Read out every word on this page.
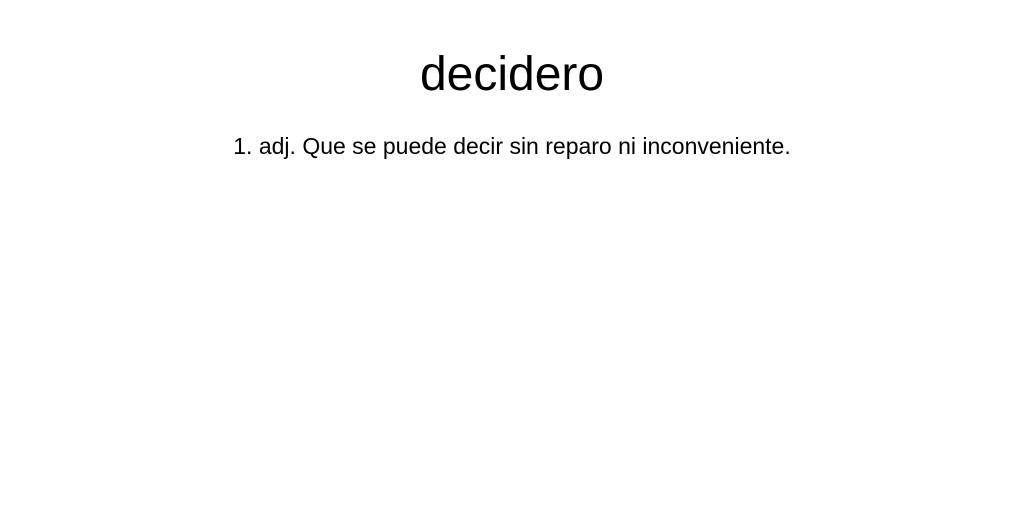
decidero

1. adj. Que se puede decir sin reparo ni inconveniente.
